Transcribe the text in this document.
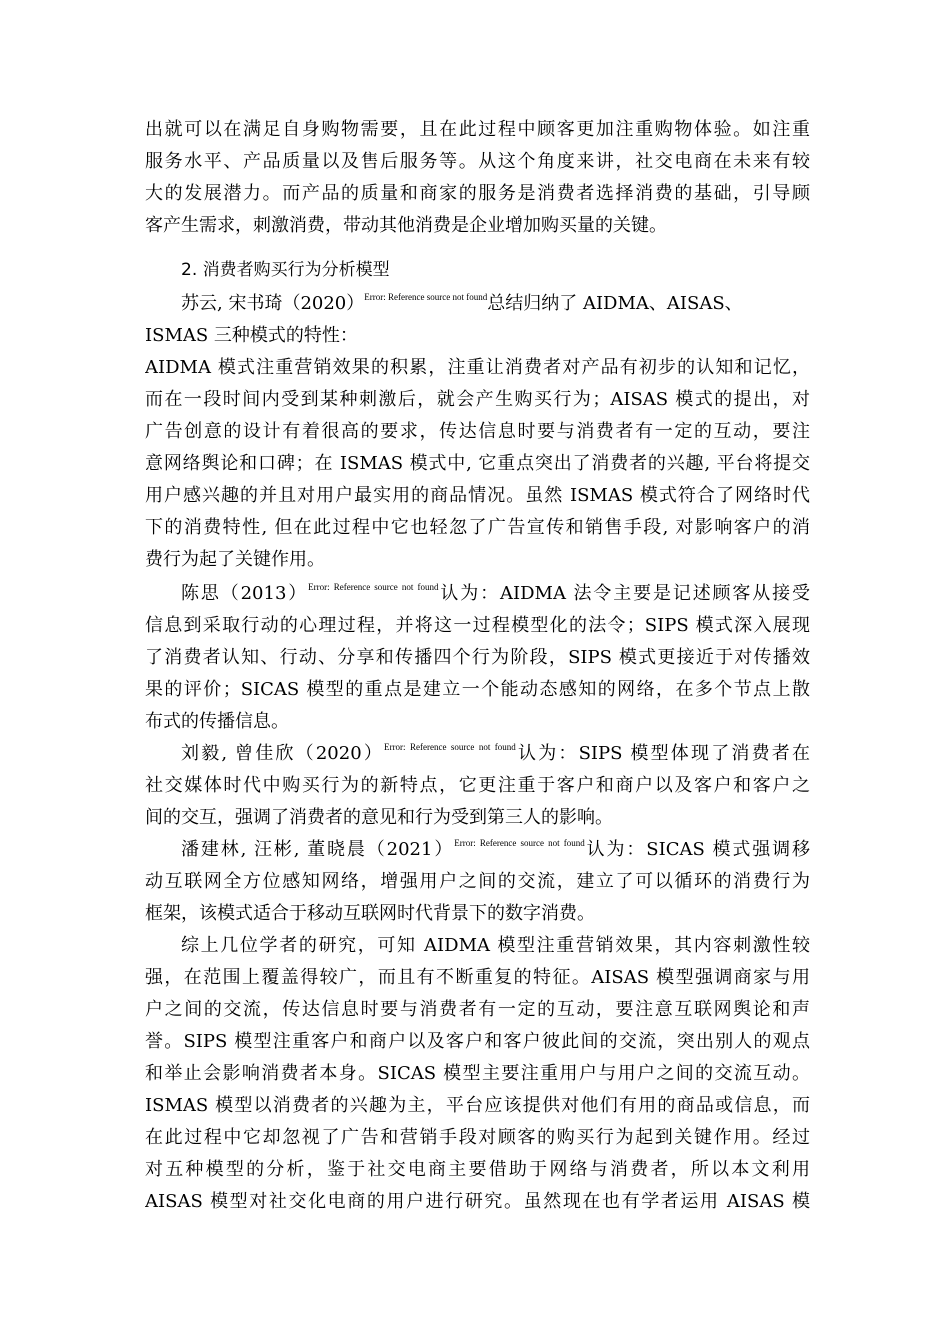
出就可以在满足自身购物需要，且在此过程中顾客更加注重购物体验。如注重
服务水平、产品质量以及售后服务等。从这个角度来讲，社交电商在未来有较
大的发展潜力。而产品的质量和商家的服务是消费者选择消费的基础，引导顾
客产生需求，刺激消费，带动其他消费是企业增加购买量的关键。
2. 消费者购买行为分析模型
苏云, 宋书琦（2020）$^{Error: Reference source not found}$总结归纳了 AIDMA、AISAS、
ISMAS 三种模式的特性：
AIDMA 模式注重营销效果的积累，注重让消费者对产品有初步的认知和记忆，
而在一段时间内受到某种刺激后，就会产生购买行为；AISAS 模式的提出，对
广告创意的设计有着很高的要求，传达信息时要与消费者有一定的互动，要注
意网络舆论和口碑；在 ISMAS 模式中, 它重点突出了消费者的兴趣, 平台将提交
用户感兴趣的并且对用户最实用的商品情况。虽然 ISMAS 模式符合了网络时代
下的消费特性, 但在此过程中它也轻忽了广告宣传和销售手段, 对影响客户的消
费行为起了关键作用。
陈思（2013）$^{Error: Reference source not found}$认为：AIDMA 法令主要是记述顾客从接受
信息到采取行动的心理过程，并将这一过程模型化的法令；SIPS 模式深入展现
了消费者认知、行动、分享和传播四个行为阶段，SIPS 模式更接近于对传播效
果的评价；SICAS 模型的重点是建立一个能动态感知的网络，在多个节点上散
布式的传播信息。
刘毅, 曾佳欣（2020）$^{Error: Reference source not found}$认为：SIPS 模型体现了消费者在
社交媒体时代中购买行为的新特点，它更注重于客户和商户以及客户和客户之
间的交互，强调了消费者的意见和行为受到第三人的影响。
潘建林, 汪彬, 董晓晨（2021）$^{Error: Reference source not found}$认为：SICAS 模式强调移
动互联网全方位感知网络，增强用户之间的交流，建立了可以循环的消费行为
框架，该模式适合于移动互联网时代背景下的数字消费。
综上几位学者的研究，可知 AIDMA 模型注重营销效果，其内容刺激性较
强，在范围上覆盖得较广，而且有不断重复的特征。AISAS 模型强调商家与用
户之间的交流，传达信息时要与消费者有一定的互动，要注意互联网舆论和声
誉。SIPS 模型注重客户和商户以及客户和客户彼此间的交流，突出别人的观点
和举止会影响消费者本身。SICAS 模型主要注重用户与用户之间的交流互动。
ISMAS 模型以消费者的兴趣为主，平台应该提供对他们有用的商品或信息，而
在此过程中它却忽视了广告和营销手段对顾客的购买行为起到关键作用。经过
对五种模型的分析，鉴于社交电商主要借助于网络与消费者，所以本文利用
AISAS 模型对社交化电商的用户进行研究。虽然现在也有学者运用 AISAS 模
